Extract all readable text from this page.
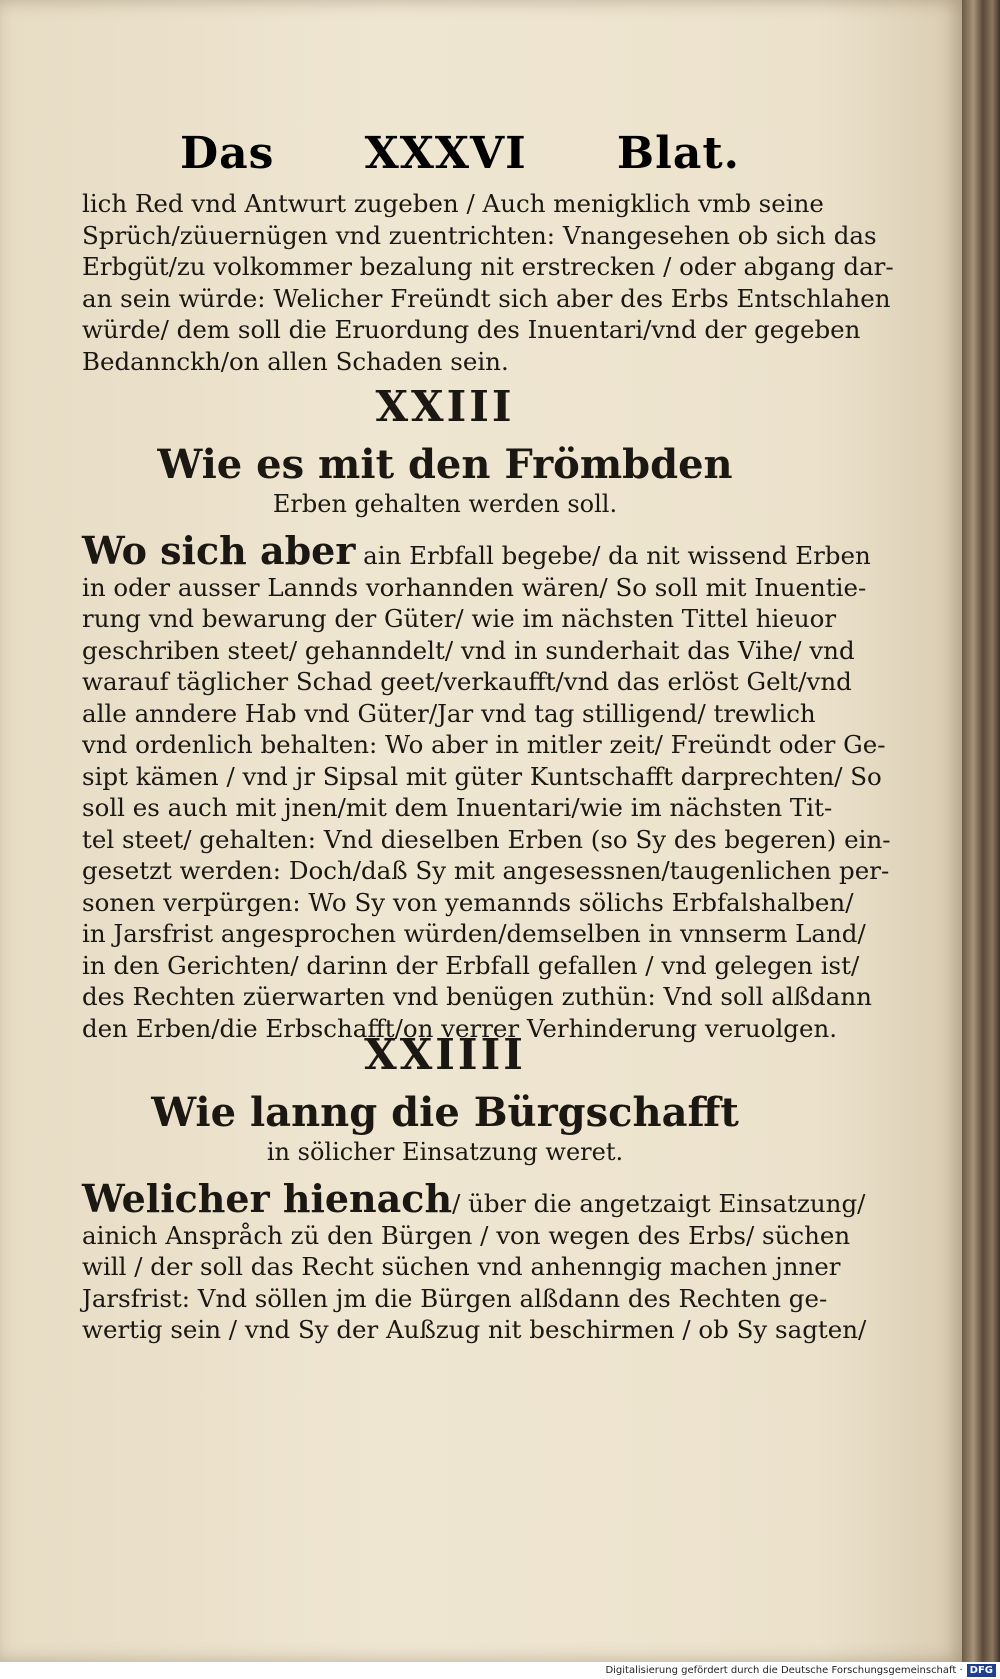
Das XXXVI Blat.

lich Red vnd Antwurt zugeben / Auch menigklich vmb seine
Sprüch/züuernügen vnd zuentrichten: Vnangesehen ob sich das
Erbgüt/zu volkommer bezalung nit erstrecken / oder abgang dar-
an sein würde: Welicher Freündt sich aber des Erbs Entschlahen
würde/ dem soll die Eruordung des Inuentari/vnd der gegeben
Bedannckh/on allen Schaden sein.

XXIII

Wie es mit den Frömbden

Erben gehalten werden soll.

Wo sich aber ain Erbfall begebe/ da nit wissend Erben
in oder ausser Lannds vorhannden wären/ So soll mit Inuentie-
rung vnd bewarung der Güter/ wie im nächsten Tittel hieuor
geschriben steet/ gehanndelt/ vnd in sunderhait das Vihe/ vnd
warauf täglicher Schad geet/verkaufft/vnd das erlöst Gelt/vnd
alle anndere Hab vnd Güter/Jar vnd tag stilligend/ trewlich
vnd ordenlich behalten: Wo aber in mitler zeit/ Freündt oder Ge-
sipt kämen / vnd jr Sipsal mit güter Kuntschafft darprechten/ So
soll es auch mit jnen/mit dem Inuentari/wie im nächsten Tit-
tel steet/ gehalten: Vnd dieselben Erben (so Sy des begeren) ein-
gesetzt werden: Doch/daß Sy mit angesessnen/taugenlichen per-
sonen verpürgen: Wo Sy von yemannds sölichs Erbfalshalben/
in Jarsfrist angesprochen würden/demselben in vnnserm Land/
in den Gerichten/ darinn der Erbfall gefallen / vnd gelegen ist/
des Rechten züerwarten vnd benügen zuthün: Vnd soll alßdann
den Erben/die Erbschafft/on verrer Verhinderung veruolgen.

XXIIII

Wie lanng die Bürgschafft

in sölicher Einsatzung weret.

Welicher hienach/ über die angetzaigt Einsatzung/
ainich Anspråch zü den Bürgen / von wegen des Erbs/ süchen
will / der soll das Recht süchen vnd anhenngig machen jnner
Jarsfrist: Vnd söllen jm die Bürgen alßdann des Rechten ge-
wertig sein / vnd Sy der Außzug nit beschirmen / ob Sy sagten/

Digitalisierung gefördert durch die Deutsche Forschungsgemeinschaft · DFG
